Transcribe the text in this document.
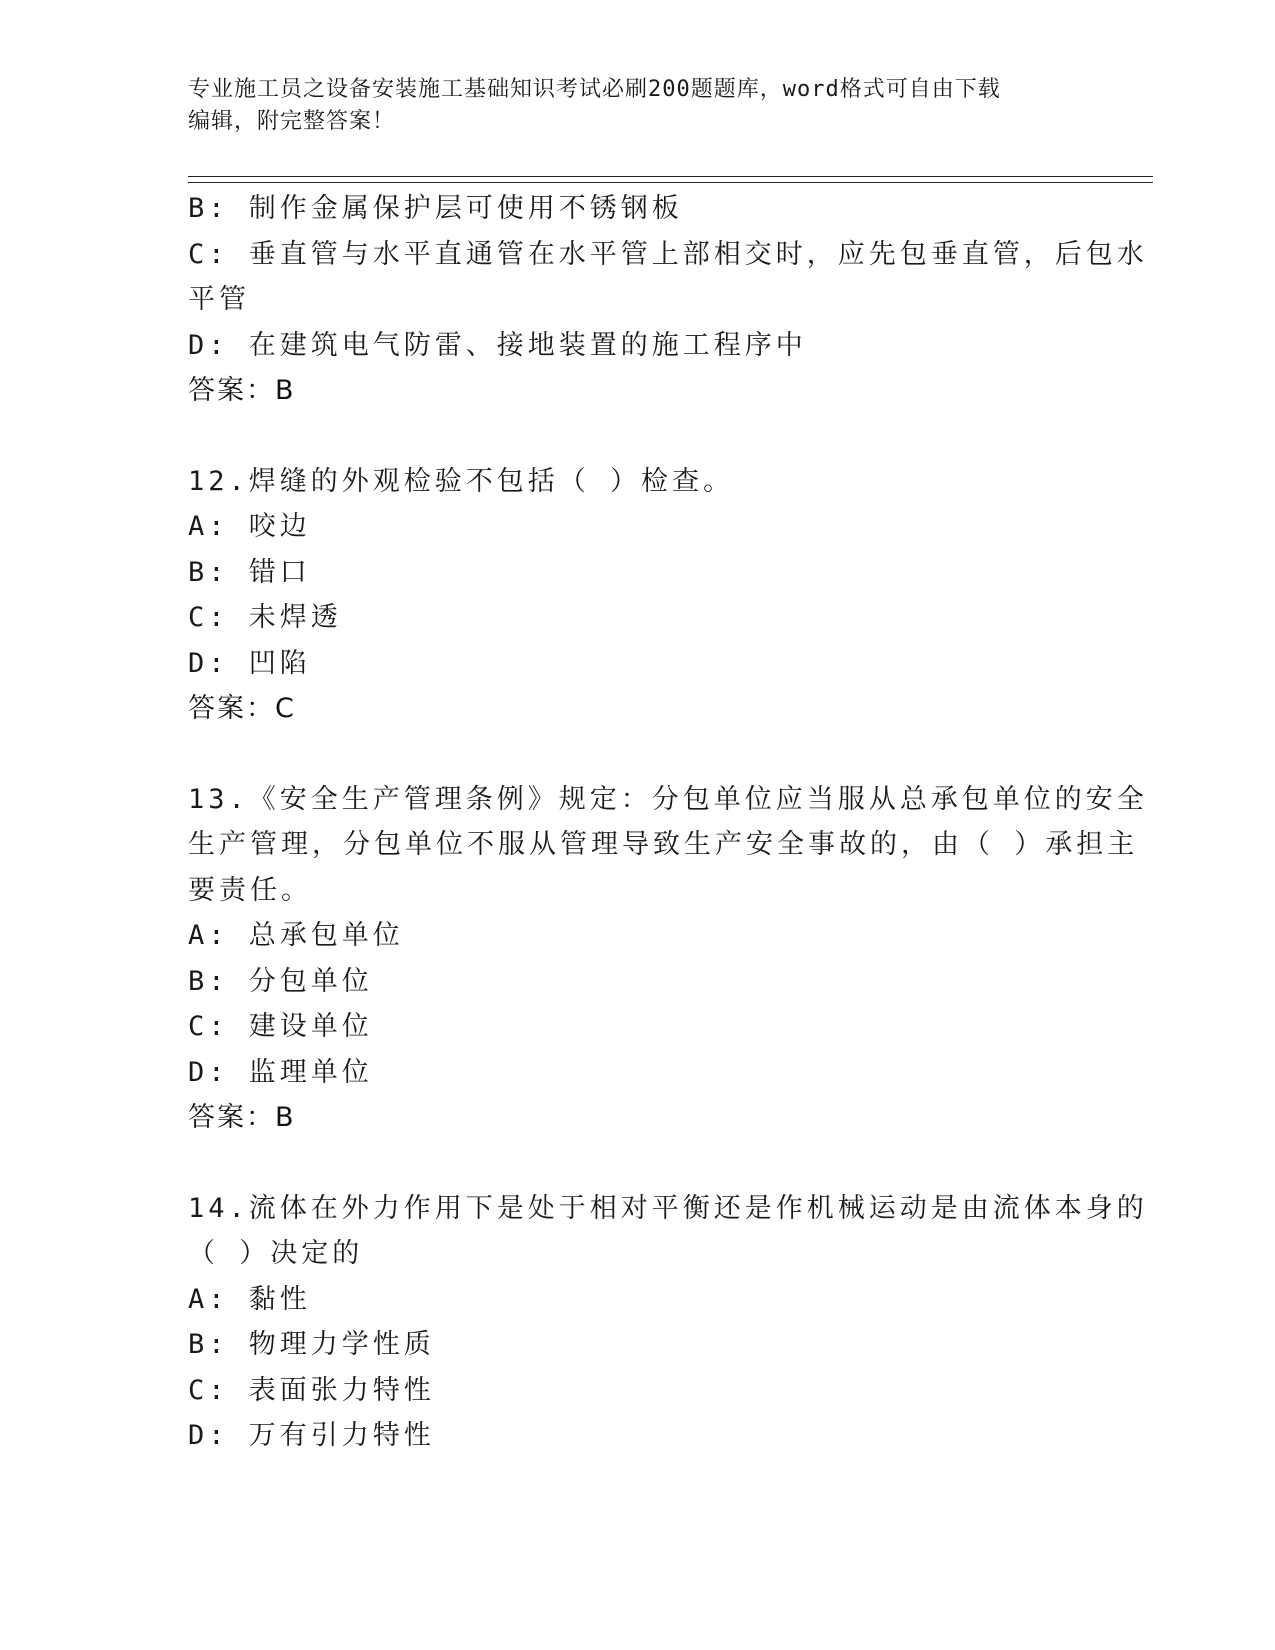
专业施工员之设备安装施工基础知识考试必刷200题题库，word格式可自由下载
编辑，附完整答案！
B: 制作金属保护层可使用不锈钢板
C: 垂直管与水平直通管在水平管上部相交时，应先包垂直管，后包水
平管
D: 在建筑电气防雷、接地装置的施工程序中
答案：B
12.焊缝的外观检验不包括（ ）检查。
A: 咬边
B: 错口
C: 未焊透
D: 凹陷
答案：C
13.《安全生产管理条例》规定：分包单位应当服从总承包单位的安全
生产管理，分包单位不服从管理导致生产安全事故的，由（ ）承担主
要责任。
A: 总承包单位
B: 分包单位
C: 建设单位
D: 监理单位
答案：B
14.流体在外力作用下是处于相对平衡还是作机械运动是由流体本身的
（ ）决定的
A: 黏性
B: 物理力学性质
C: 表面张力特性
D: 万有引力特性
